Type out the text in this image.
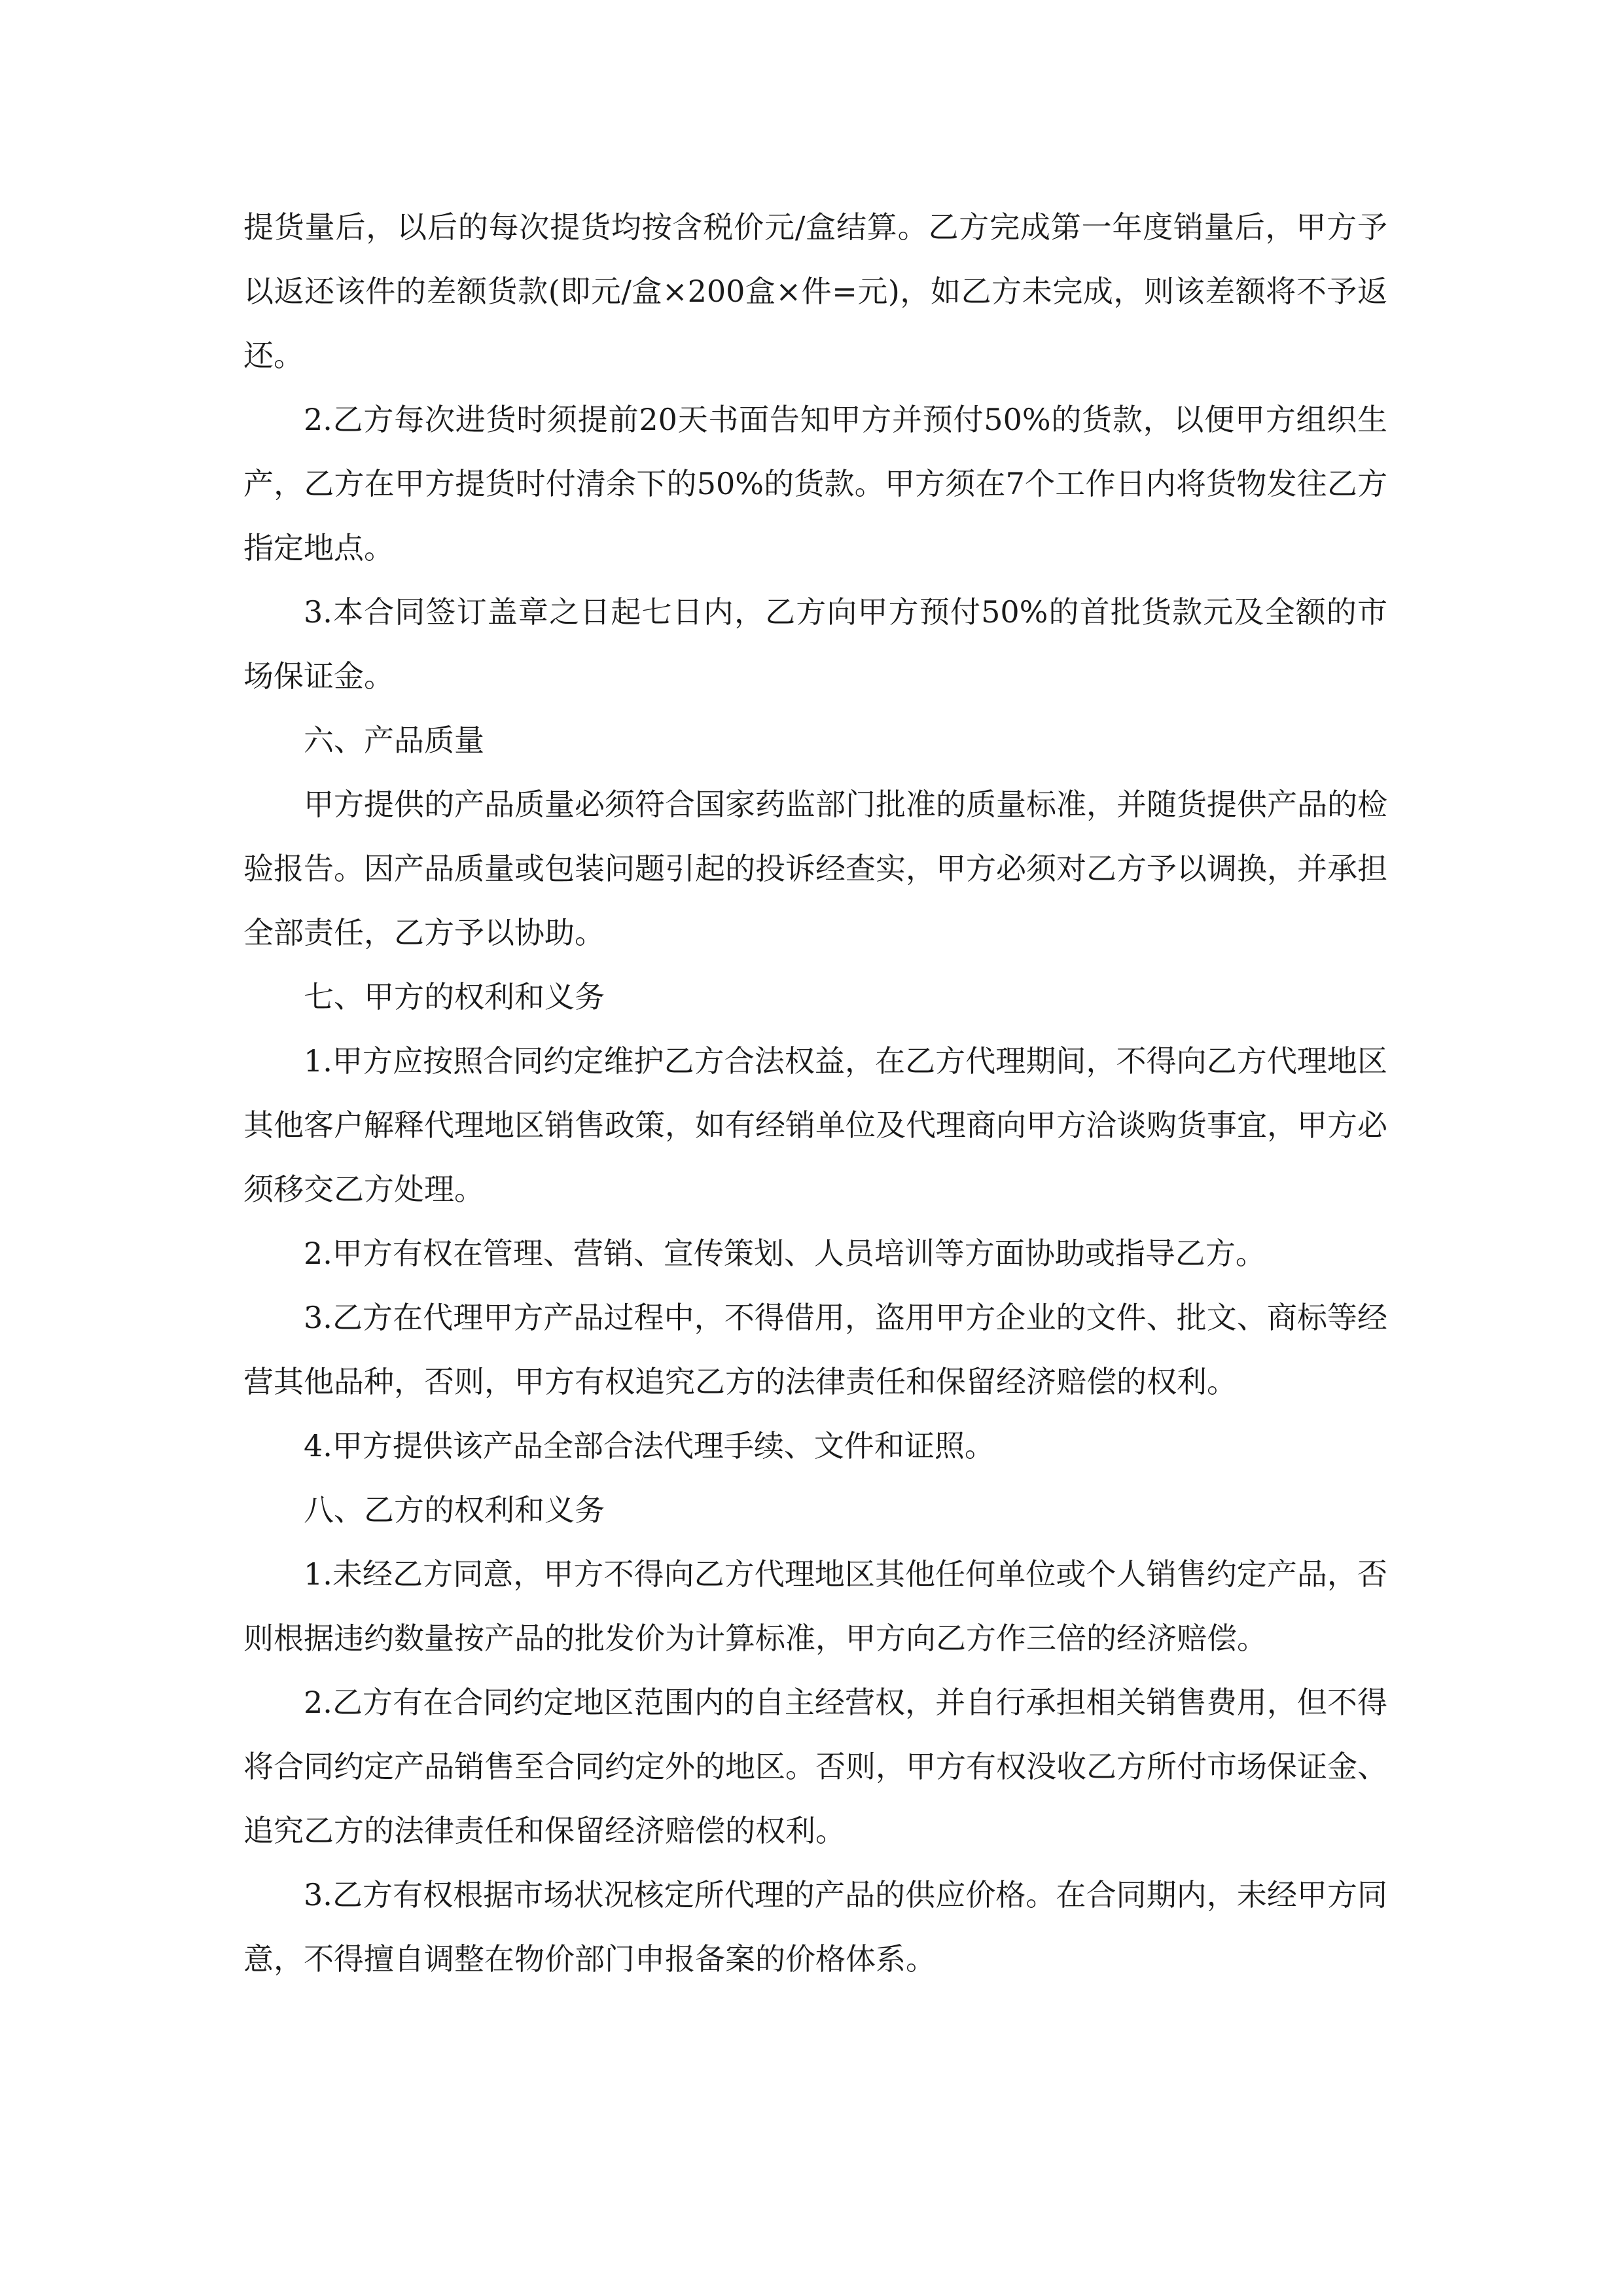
提货量后，以后的每次提货均按含税价元/盒结算。乙方完成第一年度销量后，甲方予以返还该件的差额货款(即元/盒×200盒×件=元)，如乙方未完成，则该差额将不予返还。

2.乙方每次进货时须提前20天书面告知甲方并预付50%的货款，以便甲方组织生产，乙方在甲方提货时付清余下的50%的货款。甲方须在7个工作日内将货物发往乙方指定地点。

3.本合同签订盖章之日起七日内，乙方向甲方预付50%的首批货款元及全额的市场保证金。

六、产品质量

甲方提供的产品质量必须符合国家药监部门批准的质量标准，并随货提供产品的检验报告。因产品质量或包装问题引起的投诉经查实，甲方必须对乙方予以调换，并承担全部责任，乙方予以协助。

七、甲方的权利和义务

1.甲方应按照合同约定维护乙方合法权益，在乙方代理期间，不得向乙方代理地区其他客户解释代理地区销售政策，如有经销单位及代理商向甲方洽谈购货事宜，甲方必须移交乙方处理。

2.甲方有权在管理、营销、宣传策划、人员培训等方面协助或指导乙方。

3.乙方在代理甲方产品过程中，不得借用，盗用甲方企业的文件、批文、商标等经营其他品种，否则，甲方有权追究乙方的法律责任和保留经济赔偿的权利。

4.甲方提供该产品全部合法代理手续、文件和证照。

八、乙方的权利和义务

1.未经乙方同意，甲方不得向乙方代理地区其他任何单位或个人销售约定产品，否则根据违约数量按产品的批发价为计算标准，甲方向乙方作三倍的经济赔偿。

2.乙方有在合同约定地区范围内的自主经营权，并自行承担相关销售费用，但不得将合同约定产品销售至合同约定外的地区。否则，甲方有权没收乙方所付市场保证金、追究乙方的法律责任和保留经济赔偿的权利。

3.乙方有权根据市场状况核定所代理的产品的供应价格。在合同期内，未经甲方同意，不得擅自调整在物价部门申报备案的价格体系。
